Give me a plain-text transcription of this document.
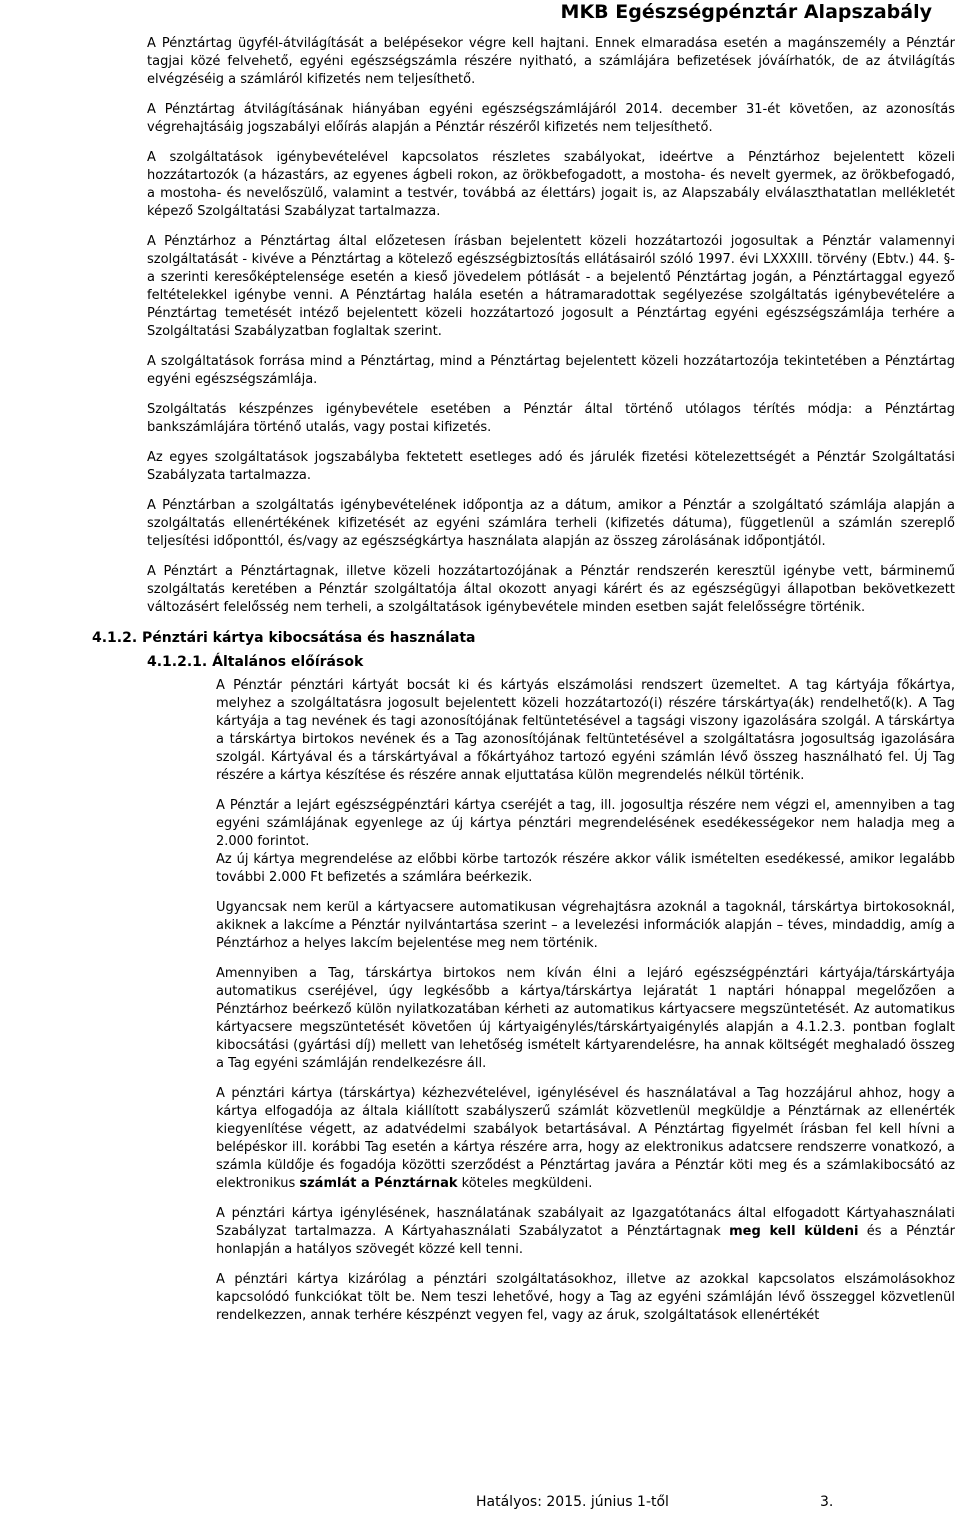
MKB Egészségpénztár Alapszabály

A Pénztártag ügyfél-átvilágítását a belépésekor végre kell hajtani. Ennek elmaradása esetén a magánszemély a Pénztár tagjai közé felvehető, egyéni egészségszámla részére nyitható, a számlájára befizetések jóváírhatók, de az átvilágítás elvégzéséig a számláról kifizetés nem teljesíthető.

A Pénztártag átvilágításának hiányában egyéni egészségszámlájáról 2014. december 31-ét követően, az azonosítás végrehajtásáig jogszabályi előírás alapján a Pénztár részéről kifizetés nem teljesíthető.

A szolgáltatások igénybevételével kapcsolatos részletes szabályokat, ideértve a Pénztárhoz bejelentett közeli hozzátartozók (a házastárs, az egyenes ágbeli rokon, az örökbefogadott, a mostoha- és nevelt gyermek, az örökbefogadó, a mostoha- és nevelőszülő, valamint a testvér, továbbá az élettárs) jogait is, az Alapszabály elválaszthatatlan mellékletét képező Szolgáltatási Szabályzat tartalmazza.

A Pénztárhoz a Pénztártag által előzetesen írásban bejelentett közeli hozzátartozói jogosultak a Pénztár valamennyi szolgáltatását - kivéve a Pénztártag a kötelező egészségbiztosítás ellátásairól szóló 1997. évi LXXXIII. törvény (Ebtv.) 44. §-a szerinti keresőképtelensége esetén a kieső jövedelem pótlását - a bejelentő Pénztártag jogán, a Pénztártaggal egyező feltételekkel igénybe venni. A Pénztártag halála esetén a hátramaradottak segélyezése szolgáltatás igénybevételére a Pénztártag temetését intéző bejelentett közeli hozzátartozó jogosult a Pénztártag egyéni egészségszámlája terhére a Szolgáltatási Szabályzatban foglaltak szerint.

A szolgáltatások forrása mind a Pénztártag, mind a Pénztártag bejelentett közeli hozzátartozója tekintetében a Pénztártag egyéni egészségszámlája.

Szolgáltatás készpénzes igénybevétele esetében a Pénztár által történő utólagos térítés módja: a Pénztártag bankszámlájára történő utalás, vagy postai kifizetés.

Az egyes szolgáltatások jogszabályba fektetett esetleges adó és járulék fizetési kötelezettségét a Pénztár Szolgáltatási Szabályzata tartalmazza.

A Pénztárban a szolgáltatás igénybevételének időpontja az a dátum, amikor a Pénztár a szolgáltató számlája alapján a szolgáltatás ellenértékének kifizetését az egyéni számlára terheli (kifizetés dátuma), függetlenül a számlán szereplő teljesítési időponttól, és/vagy az egészségkártya használata alapján az összeg zárolásának időpontjától.

A Pénztárt a Pénztártagnak, illetve közeli hozzátartozójának a Pénztár rendszerén keresztül igénybe vett, bárminemű szolgáltatás keretében a Pénztár szolgáltatója által okozott anyagi kárért és az egészségügyi állapotban bekövetkezett változásért felelősség nem terheli, a szolgáltatások igénybevétele minden esetben saját felelősségre történik.

4.1.2. Pénztári kártya kibocsátása és használata
4.1.2.1. Általános előírások

A Pénztár pénztári kártyát bocsát ki és kártyás elszámolási rendszert üzemeltet. A tag kártyája főkártya, melyhez a szolgáltatásra jogosult bejelentett közeli hozzátartozó(i) részére társkártya(ák) rendelhető(k). A Tag kártyája a tag nevének és tagi azonosítójának feltüntetésével a tagsági viszony igazolására szolgál. A társkártya a társkártya birtokos nevének és a Tag azonosítójának feltüntetésével a szolgáltatásra jogosultság igazolására szolgál. Kártyával és a társkártyával a főkártyához tartozó egyéni számlán lévő összeg használható fel. Új Tag részére a kártya készítése és részére annak eljuttatása külön megrendelés nélkül történik.

A Pénztár a lejárt egészségpénztári kártya cseréjét a tag, ill. jogosultja részére nem végzi el, amennyiben a tag egyéni számlájának egyenlege az új kártya pénztári megrendelésének esedékességekor nem haladja meg a 2.000 forintot.

Az új kártya megrendelése az előbbi körbe tartozók részére akkor válik ismételten esedékessé, amikor legalább további 2.000 Ft befizetés a számlára beérkezik.

Ugyancsak nem kerül a kártyacsere automatikusan végrehajtásra azoknál a tagoknál, társkártya birtokosoknál, akiknek a lakcíme a Pénztár nyilvántartása szerint – a levelezési információk alapján – téves, mindaddig, amíg a Pénztárhoz a helyes lakcím bejelentése meg nem történik.

Amennyiben a Tag, társkártya birtokos nem kíván élni a lejáró egészségpénztári kártyája/társkártyája automatikus cseréjével, úgy legkésőbb a kártya/társkártya lejáratát 1 naptári hónappal megelőzően a Pénztárhoz beérkező külön nyilatkozatában kérheti az automatikus kártyacsere megszüntetését. Az automatikus kártyacsere megszüntetését követően új kártyaigénylés/társkártyaigénylés alapján a 4.1.2.3. pontban foglalt kibocsátási (gyártási díj) mellett van lehetőség ismételt kártyarendelésre, ha annak költségét meghaladó összeg a Tag egyéni számláján rendelkezésre áll.

A pénztári kártya (társkártya) kézhezvételével, igénylésével és használatával a Tag hozzájárul ahhoz, hogy a kártya elfogadója az általa kiállított szabályszerű számlát közvetlenül megküldje a Pénztárnak az ellenérték kiegyenlítése végett, az adatvédelmi szabályok betartásával. A Pénztártag figyelmét írásban fel kell hívni a belépéskor ill. korábbi Tag esetén a kártya részére arra, hogy az elektronikus adatcsere rendszerre vonatkozó, a számla küldője és fogadója közötti szerződést a Pénztártag javára a Pénztár köti meg és a számlakibocsátó az elektronikus számlát a Pénztárnak köteles megküldeni.

A pénztári kártya igénylésének, használatának szabályait az Igazgatótanács által elfogadott Kártyahasználati Szabályzat tartalmazza. A Kártyahasználati Szabályzatot a Pénztártagnak meg kell küldeni és a Pénztár honlapján a hatályos szövegét közzé kell tenni.

A pénztári kártya kizárólag a pénztári szolgáltatásokhoz, illetve az azokkal kapcsolatos elszámolásokhoz kapcsolódó funkciókat tölt be. Nem teszi lehetővé, hogy a Tag az egyéni számláján lévő összeggel közvetlenül rendelkezzen, annak terhére készpénzt vegyen fel, vagy az áruk, szolgáltatások ellenértékét

Hatályos: 2015. június 1-től	3.
